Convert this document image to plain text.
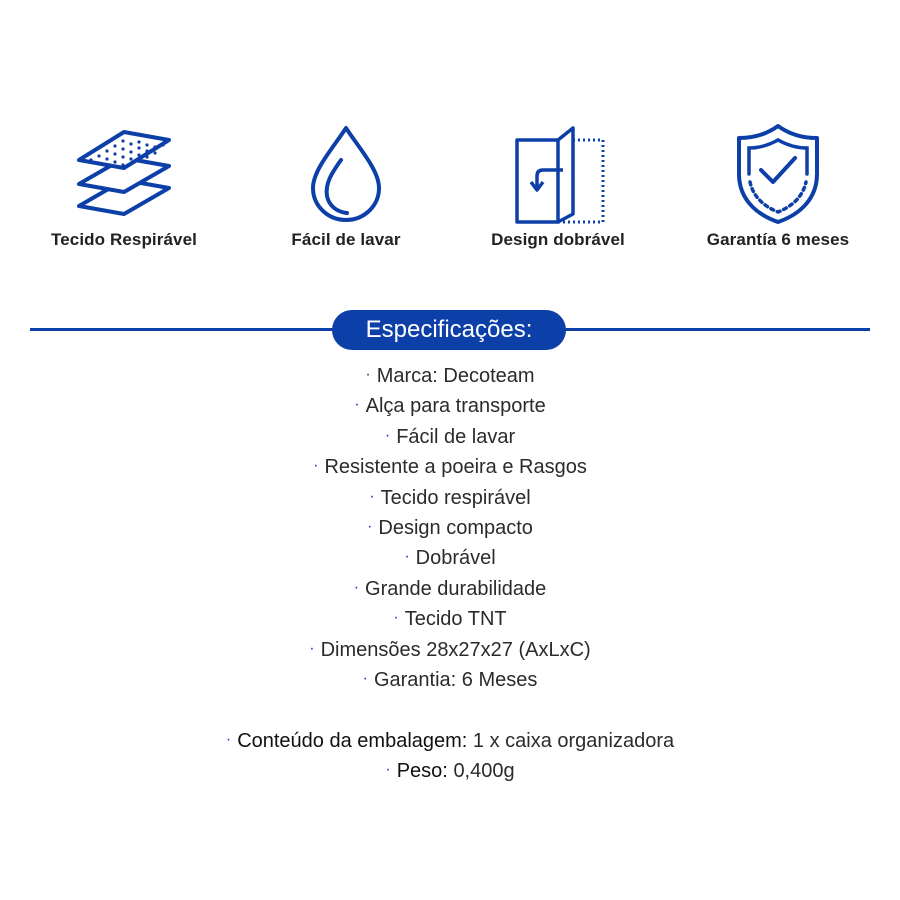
Tecido Respirável	Fácil de lavar	Design dobrável	Garantía 6 meses
Especificações:
· Marca: Decoteam
· Alça para transporte
· Fácil de lavar
· Resistente a poeira e Rasgos
· Tecido respirável
· Design compacto
· Dobrável
· Grande durabilidade
· Tecido TNT
· Dimensões 28x27x27 (AxLxC)
· Garantia: 6 Meses
· Conteúdo da embalagem: 1 x caixa organizadora
· Peso: 0,400g
